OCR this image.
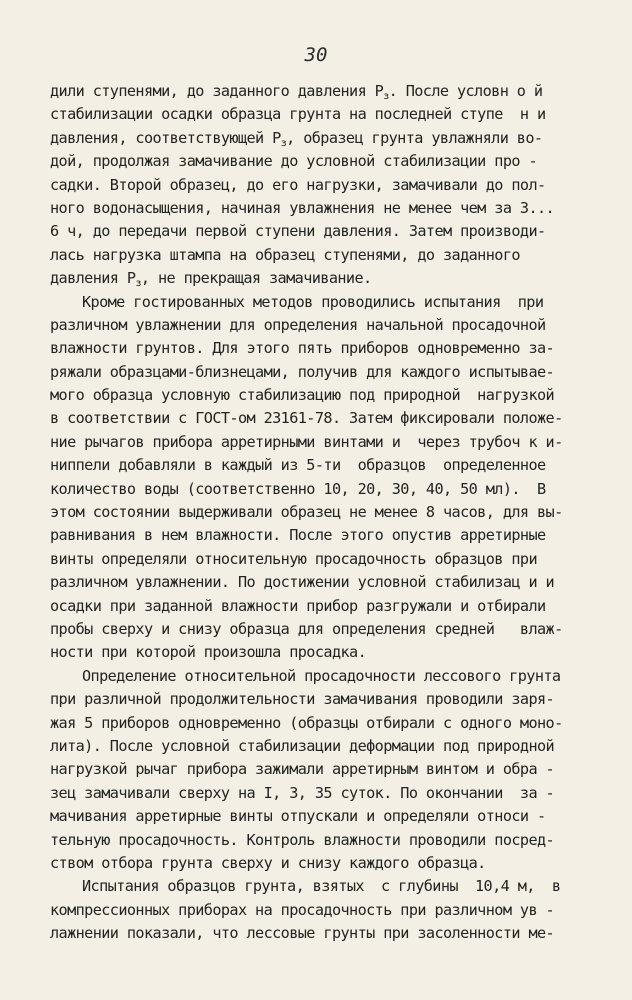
30
дили ступенями, до заданного давления $Р_з$. После условн о й
стабилизации осадки образца грунта на последней ступе  н и
давления, соответствующей $Р_з$, образец грунта увлажняли во-
дой, продолжая замачивание до условной стабилизации про -
садки. Второй образец, до его нагрузки, замачивали до пол-
ного водонасыщения, начиная увлажнения не менее чем за 3...
6 ч, до передачи первой ступени давления. Затем производи-
лась нагрузка штампа на образец ступенями, до заданного
давления $Р_з$, не прекращая замачивание.
Кроме гостированных методов проводились испытания  при
различном увлажнении для определения начальной просадочной
влажности грунтов. Для этого пять приборов одновременно за-
ряжали образцами-близнецами, получив для каждого испытывае-
мого образца условную стабилизацию под природной  нагрузкой
в соответствии с ГОСТ-ом 23161-78. Затем фиксировали положе-
ние рычагов прибора арретирными винтами и  через трубоч к и-
ниппели добавляли в каждый из 5-ти  образцов  определенное
количество воды (соответственно 10, 20, 30, 40, 50 мл).  В
этом состоянии выдерживали образец не менее 8 часов, для вы-
равнивания в нем влажности. После этого опустив арретирные
винты определяли относительную просадочность образцов при
различном увлажнении. По достижении условной стабилизац и и
осадки при заданной влажности прибор разгружали и отбирали
пробы сверху и снизу образца для определения средней   влаж-
ности при которой произошла просадка.
Определение относительной просадочности лессового грунта
при различной продолжительности замачивания проводили заря-
жая 5 приборов одновременно (образцы отбирали с одного моно-
лита). После условной стабилизации деформации под природной
нагрузкой рычаг прибора зажимали арретирным винтом и обра -
зец замачивали сверху на I, 3, 35 суток. По окончании  за -
мачивания арретирные винты отпускали и определяли относи -
тельную просадочность. Контроль влажности проводили посред-
ством отбора грунта сверху и снизу каждого образца.
Испытания образцов грунта, взятых  с глубины  10,4 м,  в
компрессионных приборах на просадочность при различном ув -
лажнении показали, что лессовые грунты при засоленности ме-
